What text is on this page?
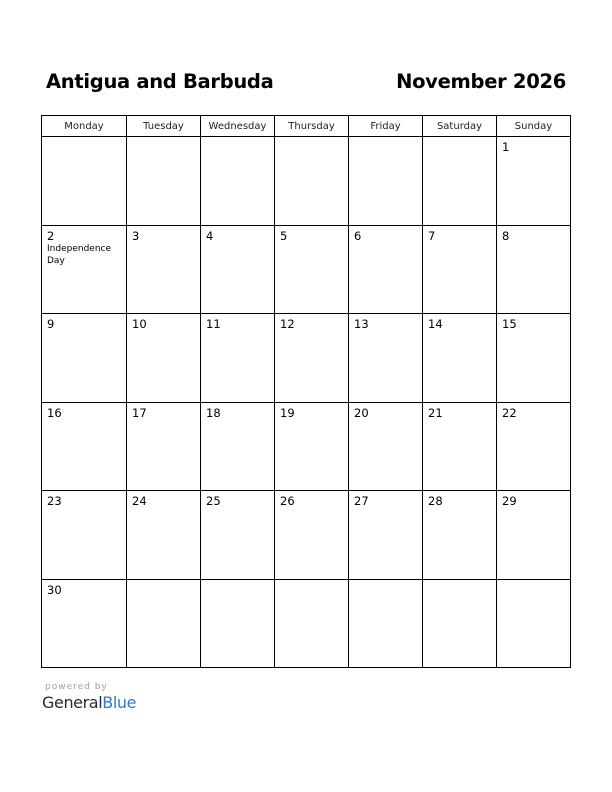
Antigua and Barbuda	November 2026
Monday	Tuesday	Wednesday	Thursday	Friday	Saturday	Sunday

						1

2
Independence Day	3	4	5	6	7	8

9	10	11	12	13	14	15

16	17	18	19	20	21	22

23	24	25	26	27	28	29

30						

powered by
GeneralBlue
